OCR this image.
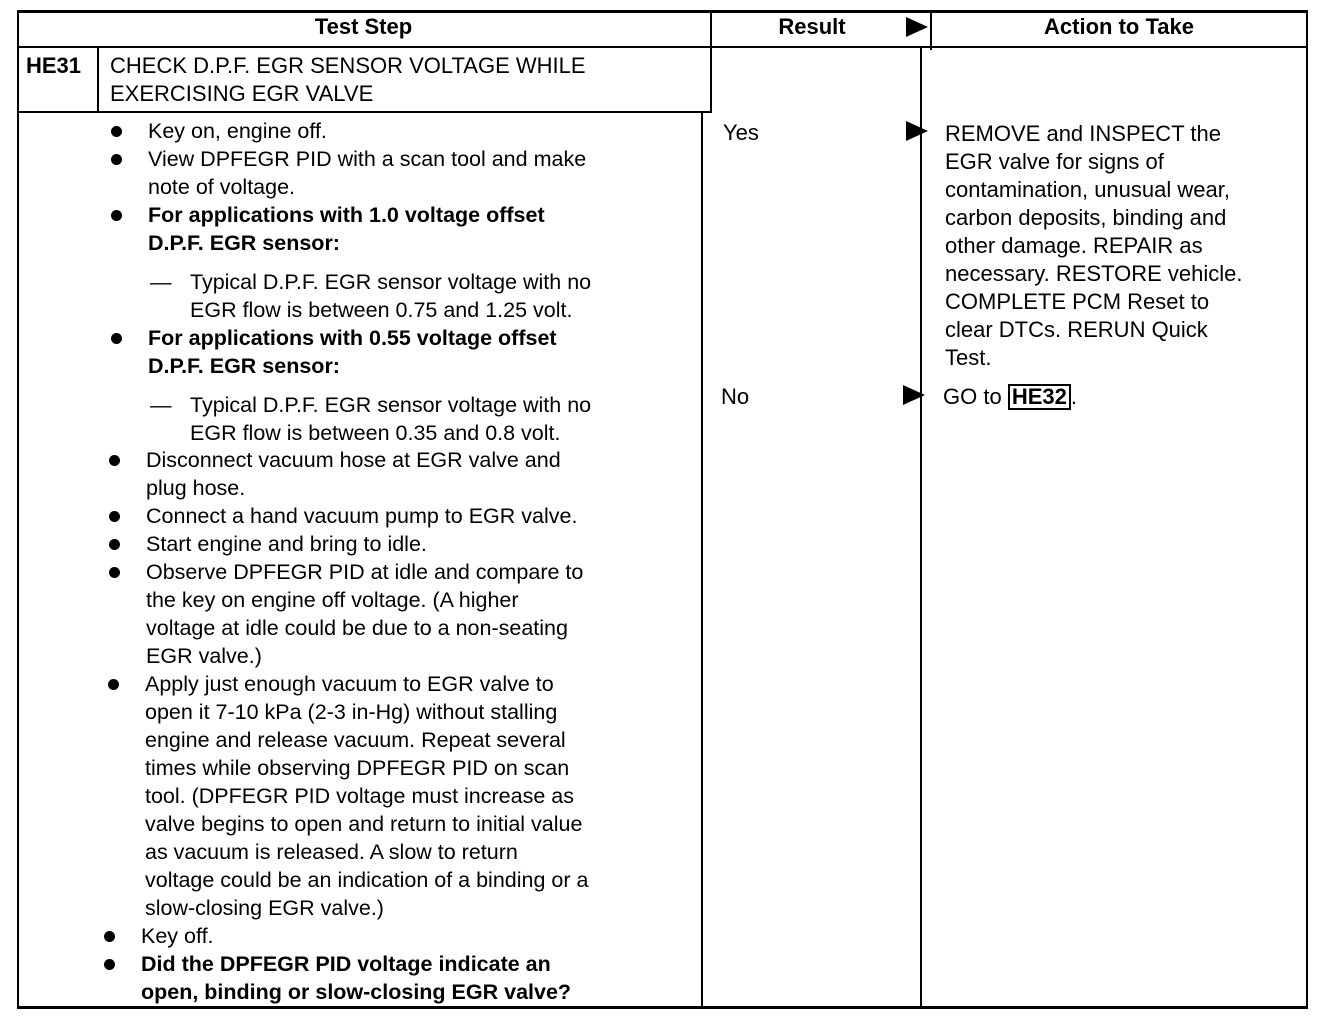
Test Step	Result	Action to Take
HE31 CHECK D.P.F. EGR SENSOR VOLTAGE WHILE
EXERCISING EGR VALVE
Key on, engine off.
View DPFEGR PID with a scan tool and make
note of voltage.
For applications with 1.0 voltage offset
D.P.F. EGR sensor:
— Typical D.P.F. EGR sensor voltage with no
EGR flow is between 0.75 and 1.25 volt.
For applications with 0.55 voltage offset
D.P.F. EGR sensor:
— Typical D.P.F. EGR sensor voltage with no
EGR flow is between 0.35 and 0.8 volt.
Disconnect vacuum hose at EGR valve and
plug hose.
Connect a hand vacuum pump to EGR valve.
Start engine and bring to idle.
Observe DPFEGR PID at idle and compare to
the key on engine off voltage. (A higher
voltage at idle could be due to a non-seating
EGR valve.)
Apply just enough vacuum to EGR valve to
open it 7-10 kPa (2-3 in-Hg) without stalling
engine and release vacuum. Repeat several
times while observing DPFEGR PID on scan
tool. (DPFEGR PID voltage must increase as
valve begins to open and return to initial value
as vacuum is released. A slow to return
voltage could be an indication of a binding or a
slow-closing EGR valve.)
Key off.
Did the DPFEGR PID voltage indicate an
open, binding or slow-closing EGR valve?
Yes
No
REMOVE and INSPECT the
EGR valve for signs of
contamination, unusual wear,
carbon deposits, binding and
other damage. REPAIR as
necessary. RESTORE vehicle.
COMPLETE PCM Reset to
clear DTCs. RERUN Quick
Test.
GO to HE32 .
